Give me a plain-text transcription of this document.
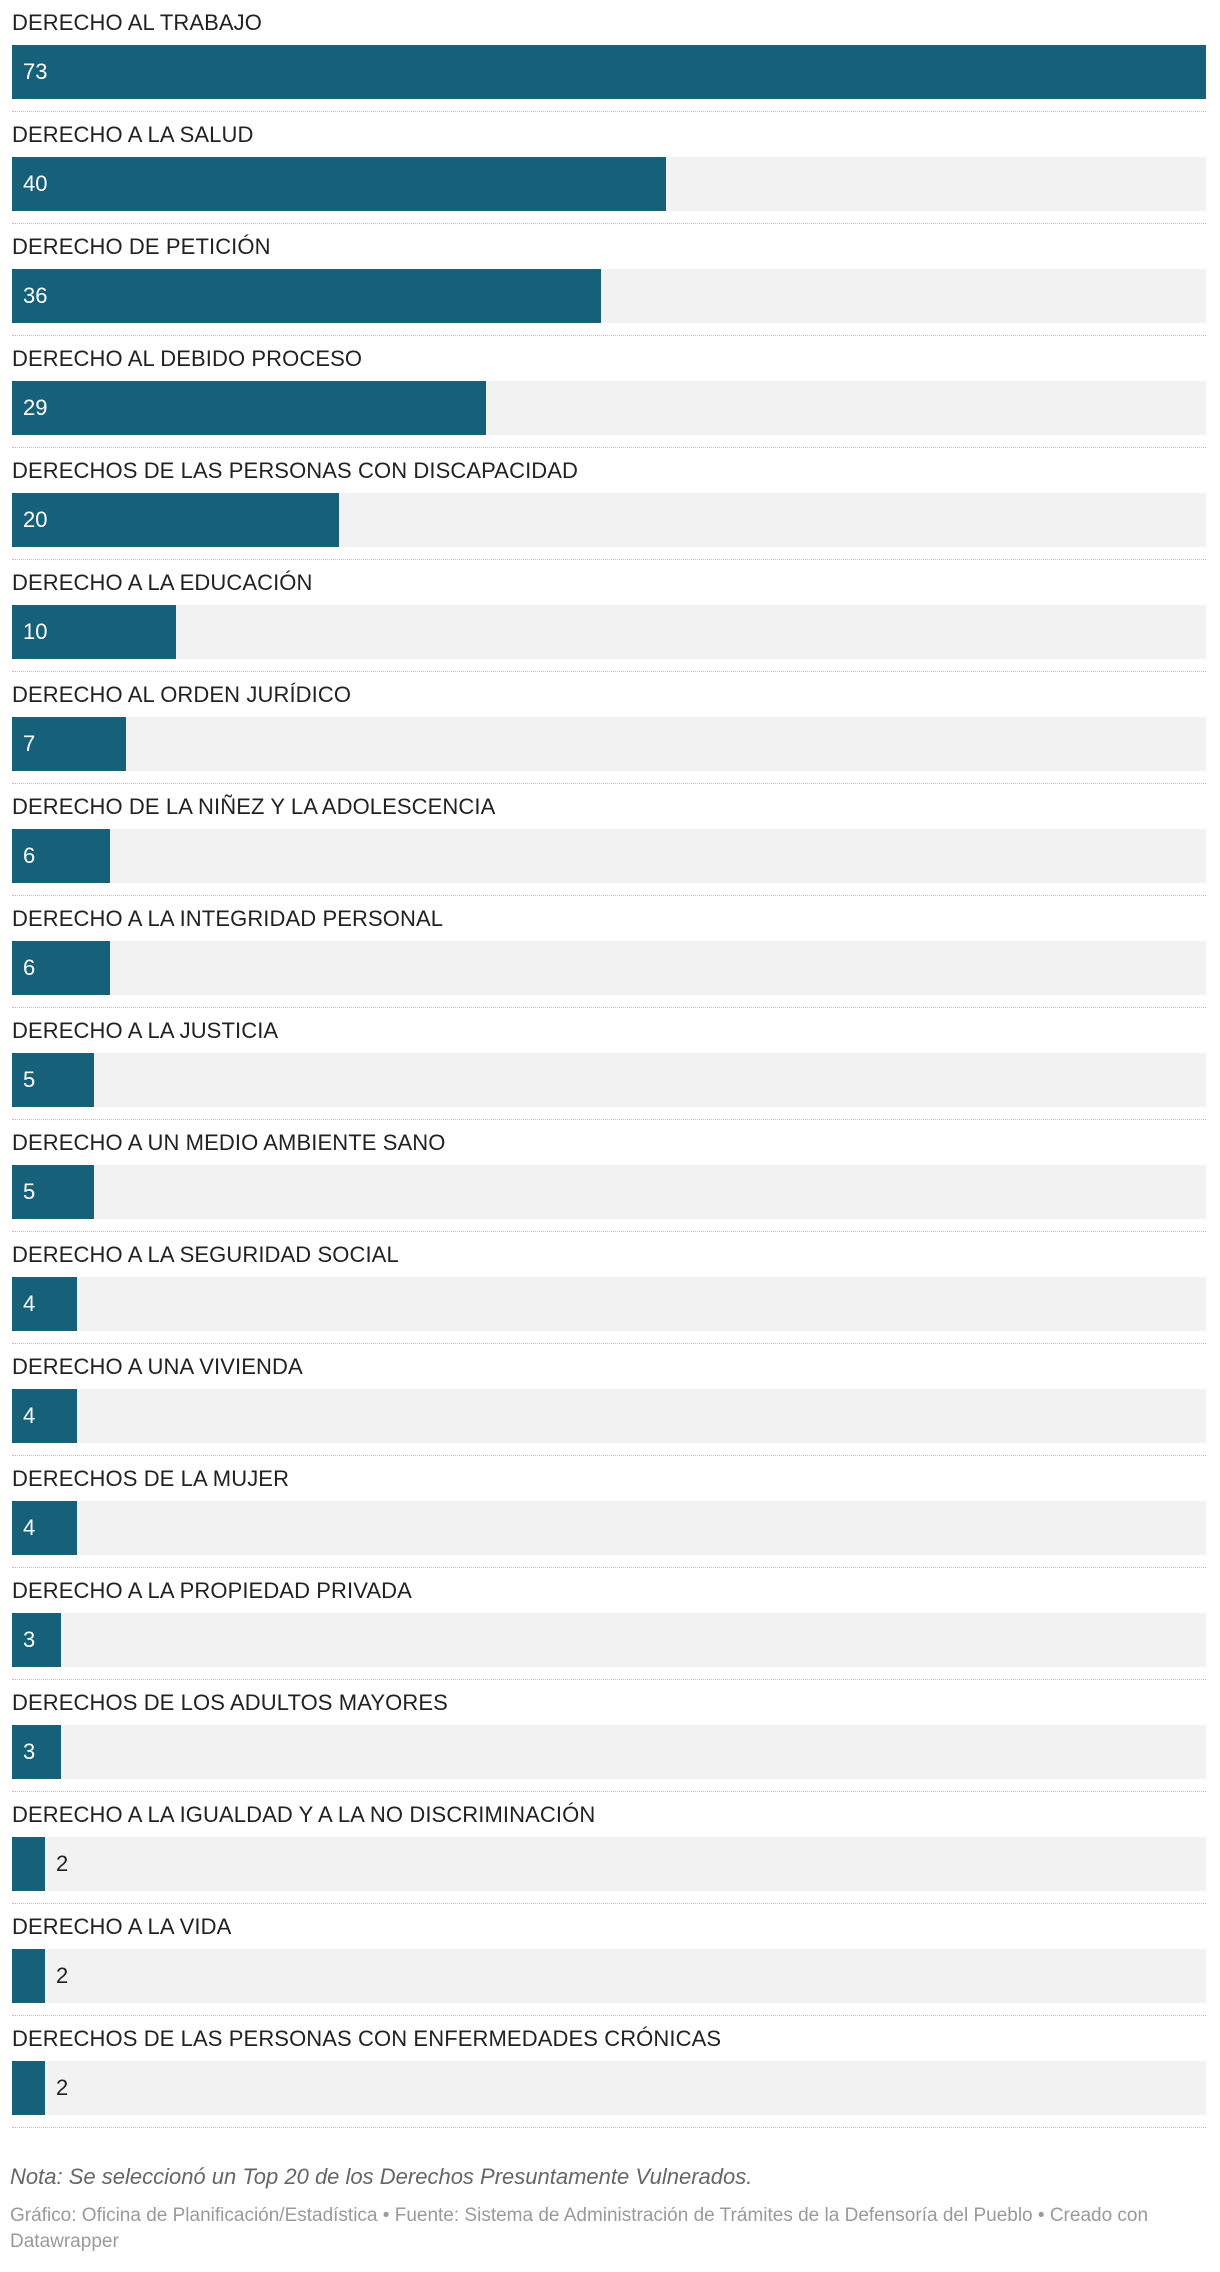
DERECHO AL TRABAJO
73
DERECHO A LA SALUD
40
DERECHO DE PETICIÓN
36
DERECHO AL DEBIDO PROCESO
29
DERECHOS DE LAS PERSONAS CON DISCAPACIDAD
20
DERECHO A LA EDUCACIÓN
10
DERECHO AL ORDEN JURÍDICO
7
DERECHO DE LA NIÑEZ Y LA ADOLESCENCIA
6
DERECHO A LA INTEGRIDAD PERSONAL
6
DERECHO A LA JUSTICIA
5
DERECHO A UN MEDIO AMBIENTE SANO
5
DERECHO A LA SEGURIDAD SOCIAL
4
DERECHO A UNA VIVIENDA
4
DERECHOS DE LA MUJER
4
DERECHO A LA PROPIEDAD PRIVADA
3
DERECHOS DE LOS ADULTOS MAYORES
3
DERECHO A LA IGUALDAD Y A LA NO DISCRIMINACIÓN
2
DERECHO A LA VIDA
2
DERECHOS DE LAS PERSONAS CON ENFERMEDADES CRÓNICAS
2
Nota: Se seleccionó un Top 20 de los Derechos Presuntamente Vulnerados.
Gráfico: Oficina de Planificación/Estadística • Fuente: Sistema de Administración de Trámites de la Defensoría del Pueblo • Creado con Datawrapper
